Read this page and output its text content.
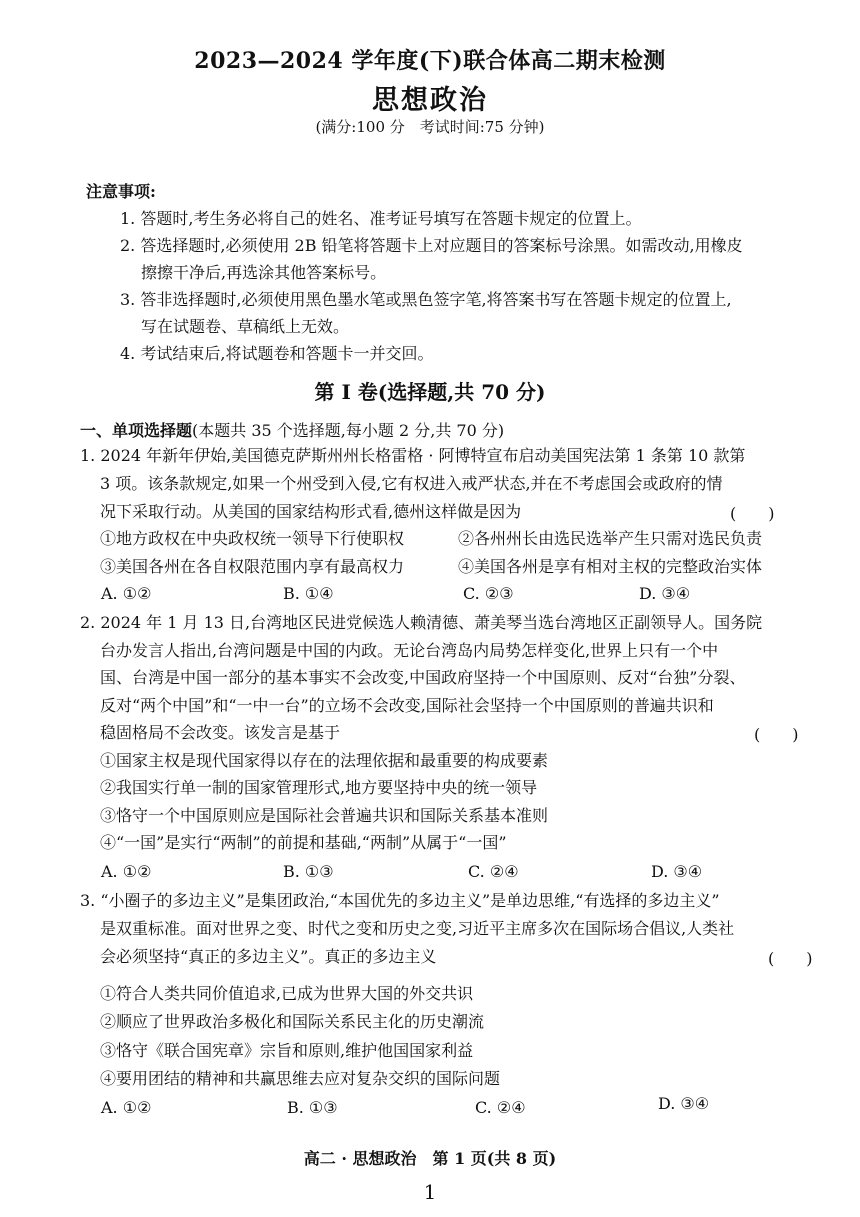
2023—2024 学年度(下)联合体高二期末检测
思想政治
(满分:100 分　考试时间:75 分钟)
注意事项:
1. 答题时,考生务必将自己的姓名、准考证号填写在答题卡规定的位置上。
2. 答选择题时,必须使用 2B 铅笔将答题卡上对应题目的答案标号涂黑。如需改动,用橡皮
擦擦干净后,再选涂其他答案标号。
3. 答非选择题时,必须使用黑色墨水笔或黑色签字笔,将答案书写在答题卡规定的位置上,
写在试题卷、草稿纸上无效。
4. 考试结束后,将试题卷和答题卡一并交回。
第 I 卷(选择题,共 70 分)
一、单项选择题(本题共 35 个选择题,每小题 2 分,共 70 分)
1. 2024 年新年伊始,美国德克萨斯州州长格雷格 · 阿博特宣布启动美国宪法第 1 条第 10 款第
3 项。该条款规定,如果一个州受到入侵,它有权进入戒严状态,并在不考虑国会或政府的情
况下采取行动。从美国的国家结构形式看,德州这样做是因为	(　　)
①地方政权在中央政权统一领导下行使职权	②各州州长由选民选举产生只需对选民负责
③美国各州在各自权限范围内享有最高权力	④美国各州是享有相对主权的完整政治实体
A. ①②	B. ①④	C. ②③	D. ③④
2. 2024 年 1 月 13 日,台湾地区民进党候选人赖清德、萧美琴当选台湾地区正副领导人。国务院
台办发言人指出,台湾问题是中国的内政。无论台湾岛内局势怎样变化,世界上只有一个中
国、台湾是中国一部分的基本事实不会改变,中国政府坚持一个中国原则、反对“台独”分裂、
反对“两个中国”和“一中一台”的立场不会改变,国际社会坚持一个中国原则的普遍共识和
稳固格局不会改变。该发言是基于	(　　)
①国家主权是现代国家得以存在的法理依据和最重要的构成要素
②我国实行单一制的国家管理形式,地方要坚持中央的统一领导
③恪守一个中国原则应是国际社会普遍共识和国际关系基本准则
④“一国”是实行“两制”的前提和基础,“两制”从属于“一国”
A. ①②	B. ①③	C. ②④	D. ③④
3. “小圈子的多边主义”是集团政治,“本国优先的多边主义”是单边思维,“有选择的多边主义”
是双重标准。面对世界之变、时代之变和历史之变,习近平主席多次在国际场合倡议,人类社
会必须坚持“真正的多边主义”。真正的多边主义	(　　)
①符合人类共同价值追求,已成为世界大国的外交共识
②顺应了世界政治多极化和国际关系民主化的历史潮流
③恪守《联合国宪章》宗旨和原则,维护他国国家利益
④要用团结的精神和共赢思维去应对复杂交织的国际问题
A. ①②	B. ①③	C. ②④	D. ③④
高二 · 思想政治　第 1 页(共 8 页)
1
